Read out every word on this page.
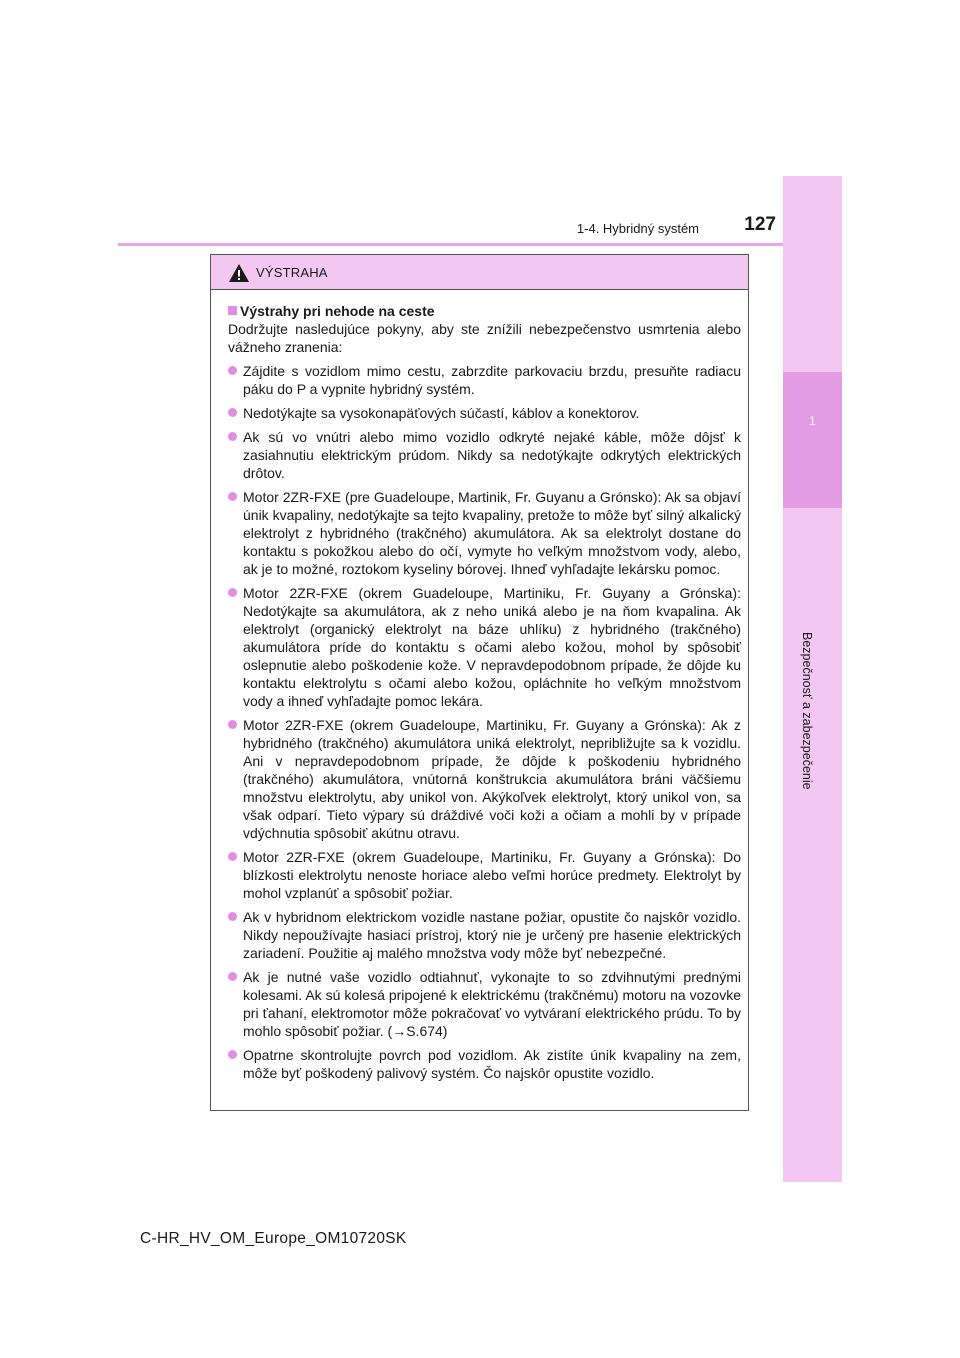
1
Bezpečnosť a zabezpečenie
1-4. Hybridný systém	127
VÝSTRAHA
Výstrahy pri nehode na ceste

Dodržujte nasledujúce pokyny, aby ste znížili nebezpečenstvo usmrtenia alebo vážneho zranenia:

Zájdite s vozidlom mimo cestu, zabrzdite parkovaciu brzdu, presuňte radiacu páku do P a vypnite hybridný systém.
Nedotýkajte sa vysokonapäťových súčastí, káblov a konektorov.
Ak sú vo vnútri alebo mimo vozidlo odkryté nejaké káble, môže dôjsť k zasiahnutiu elektrickým prúdom. Nikdy sa nedotýkajte odkrytých elektrických drôtov.
Motor 2ZR-FXE (pre Guadeloupe, Martinik, Fr. Guyanu a Grónsko): Ak sa objaví únik kvapaliny, nedotýkajte sa tejto kvapaliny, pretože to môže byť silný alkalický elektrolyt z hybridného (trakčného) akumulátora. Ak sa elektrolyt dostane do kontaktu s pokožkou alebo do očí, vymyte ho veľkým množstvom vody, alebo, ak je to možné, roztokom kyseliny bórovej. Ihneď vyhľadajte lekársku pomoc.
Motor 2ZR-FXE (okrem Guadeloupe, Martiniku, Fr. Guyany a Grónska): Nedotýkajte sa akumulátora, ak z neho uniká alebo je na ňom kvapalina. Ak elektrolyt (organický elektrolyt na báze uhlíku) z hybridného (trakčného) akumulátora príde do kontaktu s očami alebo kožou, mohol by spôsobiť oslepnutie alebo poškodenie kože. V nepravdepodobnom prípade, že dôjde ku kontaktu elektrolytu s očami alebo kožou, opláchnite ho veľkým množstvom vody a ihneď vyhľadajte pomoc lekára.
Motor 2ZR-FXE (okrem Guadeloupe, Martiniku, Fr. Guyany a Grónska): Ak z hybridného (trakčného) akumulátora uniká elektrolyt, nepribližujte sa k vozidlu. Ani v nepravdepodobnom prípade, že dôjde k poškodeniu hybridného (trakčného) akumulátora, vnútorná konštrukcia akumulátora bráni väčšiemu množstvu elektrolytu, aby unikol von. Akýkoľvek elektrolyt, ktorý unikol von, sa však odparí. Tieto výpary sú dráždivé voči koži a očiam a mohli by v prípade vdýchnutia spôsobiť akútnu otravu.
Motor 2ZR-FXE (okrem Guadeloupe, Martiniku, Fr. Guyany a Grónska): Do blízkosti elektrolytu nenoste horiace alebo veľmi horúce predmety. Elektrolyt by mohol vzplanúť a spôsobiť požiar.
Ak v hybridnom elektrickom vozidle nastane požiar, opustite čo najskôr vozidlo. Nikdy nepoužívajte hasiaci prístroj, ktorý nie je určený pre hasenie elektrických zariadení. Použitie aj malého množstva vody môže byť nebezpečné.
Ak je nutné vaše vozidlo odtiahnuť, vykonajte to so zdvihnutými prednými kolesami. Ak sú kolesá pripojené k elektrickému (trakčnému) motoru na vozovke pri ťahaní, elektromotor môže pokračovať vo vytváraní elektrického prúdu. To by mohlo spôsobiť požiar. (→S.674)
Opatrne skontrolujte povrch pod vozidlom. Ak zistíte únik kvapaliny na zem, môže byť poškodený palivový systém. Čo najskôr opustite vozidlo.
C-HR_HV_OM_Europe_OM10720SK
